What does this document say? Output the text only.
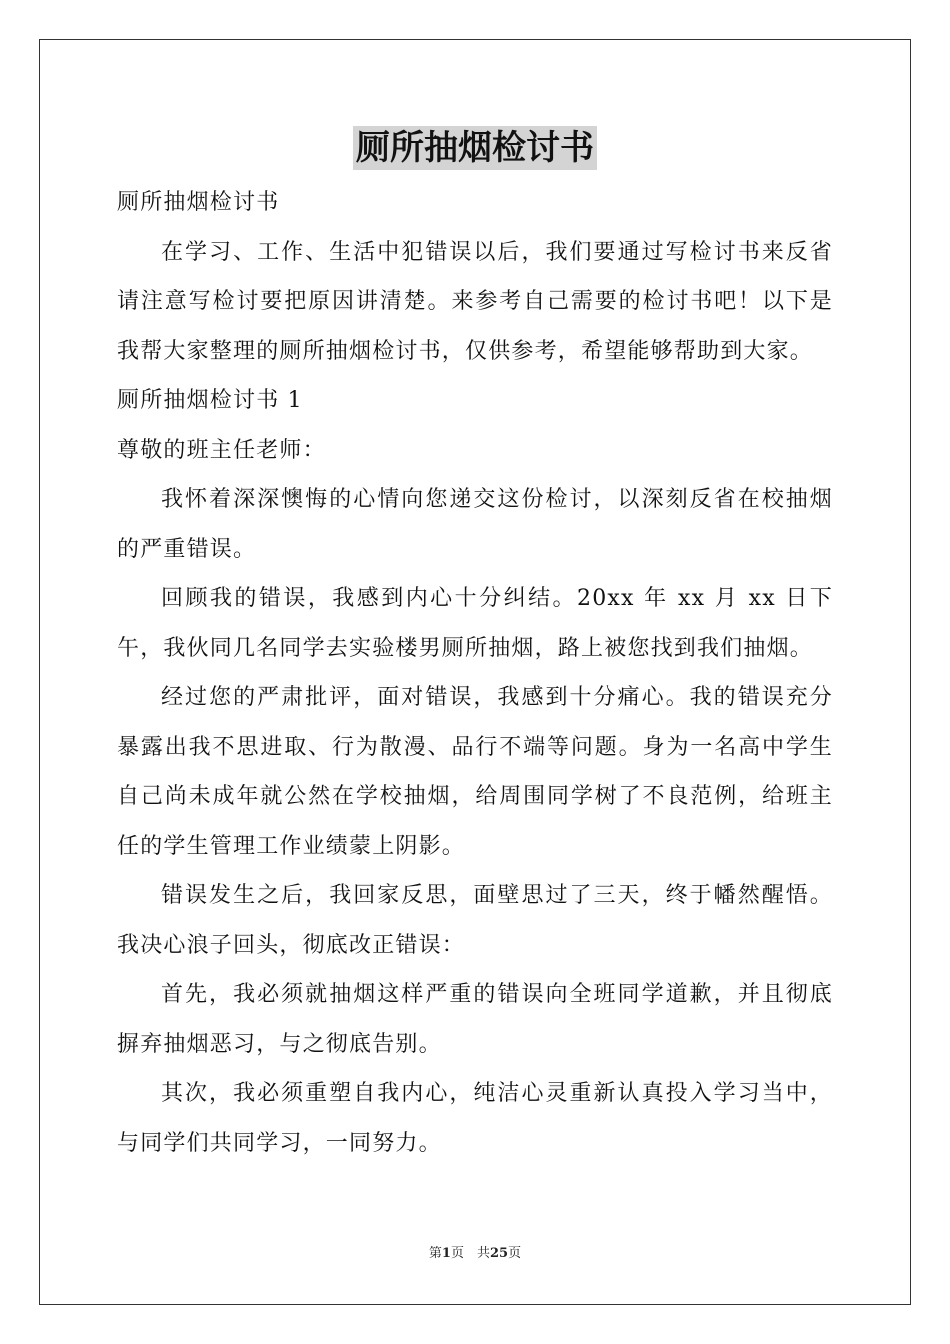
厕所抽烟检讨书

厕所抽烟检讨书

在学习、工作、生活中犯错误以后，我们要通过写检讨书来反省请注意写检讨要把原因讲清楚。来参考自己需要的检讨书吧！以下是我帮大家整理的厕所抽烟检讨书，仅供参考，希望能够帮助到大家。

厕所抽烟检讨书 1

尊敬的班主任老师：

我怀着深深懊悔的心情向您递交这份检讨，以深刻反省在校抽烟的严重错误。

回顾我的错误，我感到内心十分纠结。20xx 年 xx 月 xx 日下午，我伙同几名同学去实验楼男厕所抽烟，路上被您找到我们抽烟。

经过您的严肃批评，面对错误，我感到十分痛心。我的错误充分暴露出我不思进取、行为散漫、品行不端等问题。身为一名高中学生自己尚未成年就公然在学校抽烟，给周围同学树了不良范例，给班主任的学生管理工作业绩蒙上阴影。

错误发生之后，我回家反思，面壁思过了三天，终于幡然醒悟。我决心浪子回头，彻底改正错误：

首先，我必须就抽烟这样严重的错误向全班同学道歉，并且彻底摒弃抽烟恶习，与之彻底告别。

其次，我必须重塑自我内心，纯洁心灵重新认真投入学习当中，与同学们共同学习，一同努力。

第1页　共25页
